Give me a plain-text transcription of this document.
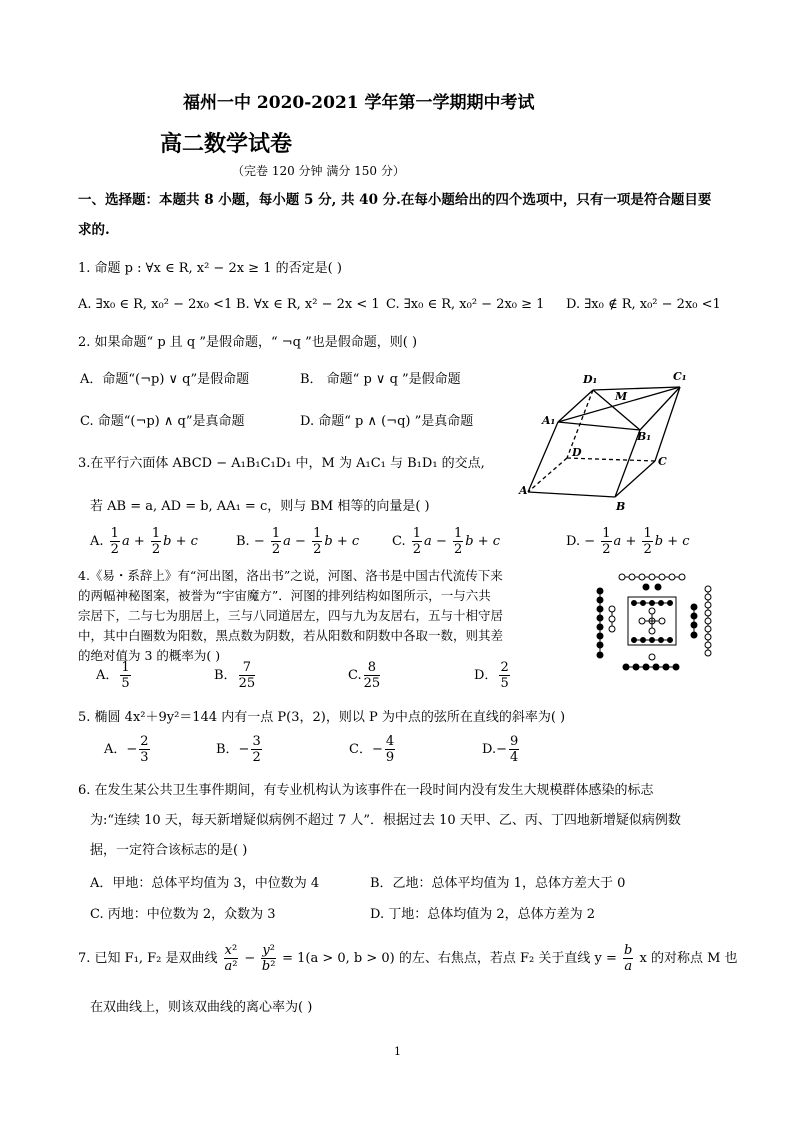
福州一中 2020-2021 学年第一学期期中考试
高二数学试卷
（完卷 120 分钟 满分 150 分）
一、选择题：本题共 8 小题，每小题 5 分, 共 40 分.在每小题给出的四个选项中，只有一项是符合题目要
求的.
1. 命题 p : ∀x ∈ R, x² − 2x ≥ 1 的否定是( )
A. ∃x₀ ∈ R, x₀² − 2x₀ <1 B. ∀x ∈ R, x² − 2x < 1 C. ∃x₀ ∈ R, x₀² − 2x₀ ≥ 1 D. ∃x₀ ∉ R, x₀² − 2x₀ <1
2. 如果命题“ p 且 q ”是假命题，“ ¬q ”也是假命题，则( )
A．命题“(¬p) ∨ q”是假命题	B． 命题“ p ∨ q ”是假命题
C. 命题“(¬p) ∧ q”是真命题	D. 命题“ p ∧ (¬q) ”是真命题
D₁	C₁
M
A₁
B₁
D
C
A
B
3.在平行六面体 ABCD − A₁B₁C₁D₁ 中，M 为 A₁C₁ 与 B₁D₁ 的交点,
若 AB = a, AD = b, AA₁ = c，则与 BM 相等的向量是( )
A. $\frac{1}{2}$ $a + \frac{1}{2}$ b + c	B. − $\frac{1}{2}$ $a - \frac{1}{2}$ b + c	C. $\frac{1}{2}$ $a - \frac{1}{2}$ b + c	D. − $\frac{1}{2}$ $a + \frac{1}{2}$ b + c
4.《易・系辞上》有“河出图，洛出书”之说，河图、洛书是中国古代流传下来
的两幅神秘图案，被誉为“宇宙魔方”．河图的排列结构如图所示，一与六共
宗居下，二与七为朋居上，三与八同道居左，四与九为友居右，五与十相守居
中，其中白圈数为阳数，黑点数为阴数，若从阳数和阴数中各取一数，则其差
的绝对值为 3 的概率为( )
A． $\frac{1}{5}$	B． $\frac{7}{25}$	C. $\frac{8}{25}$	D． $\frac{2}{5}$
5. 椭圆 4x²＋9y²＝144 内有一点 P(3，2)，则以 P 为中点的弦所在直线的斜率为( )
A．− $\frac{2}{3}$	B．− $\frac{3}{2}$	C．− $\frac{4}{9}$	$D.- \frac{9}{4}$
6. 在发生某公共卫生事件期间，有专业机构认为该事件在一段时间内没有发生大规模群体感染的标志
为:“连续 10 天，每天新增疑似病例不超过 7 人”．根据过去 10 天甲、乙、丙、丁四地新增疑似病例数
据，一定符合该标志的是( )
A．甲地：总体平均值为 3，中位数为 4	B．乙地：总体平均值为 1，总体方差大于 0
C. 丙地：中位数为 2，众数为 3	D. 丁地：总体均值为 2，总体方差为 2
7. 已知 F₁, F₂ 是双曲线 $\frac{\text{x²}}{\text{a²}} - \frac{\text{y²}}{\text{b²}} = 1(a > 0$, b > 0) 的左、右焦点，若点 F₂ 关于直线 $y = \frac{b}{a}$ x 的对称点 M 也
在双曲线上，则该双曲线的离心率为( )
1
